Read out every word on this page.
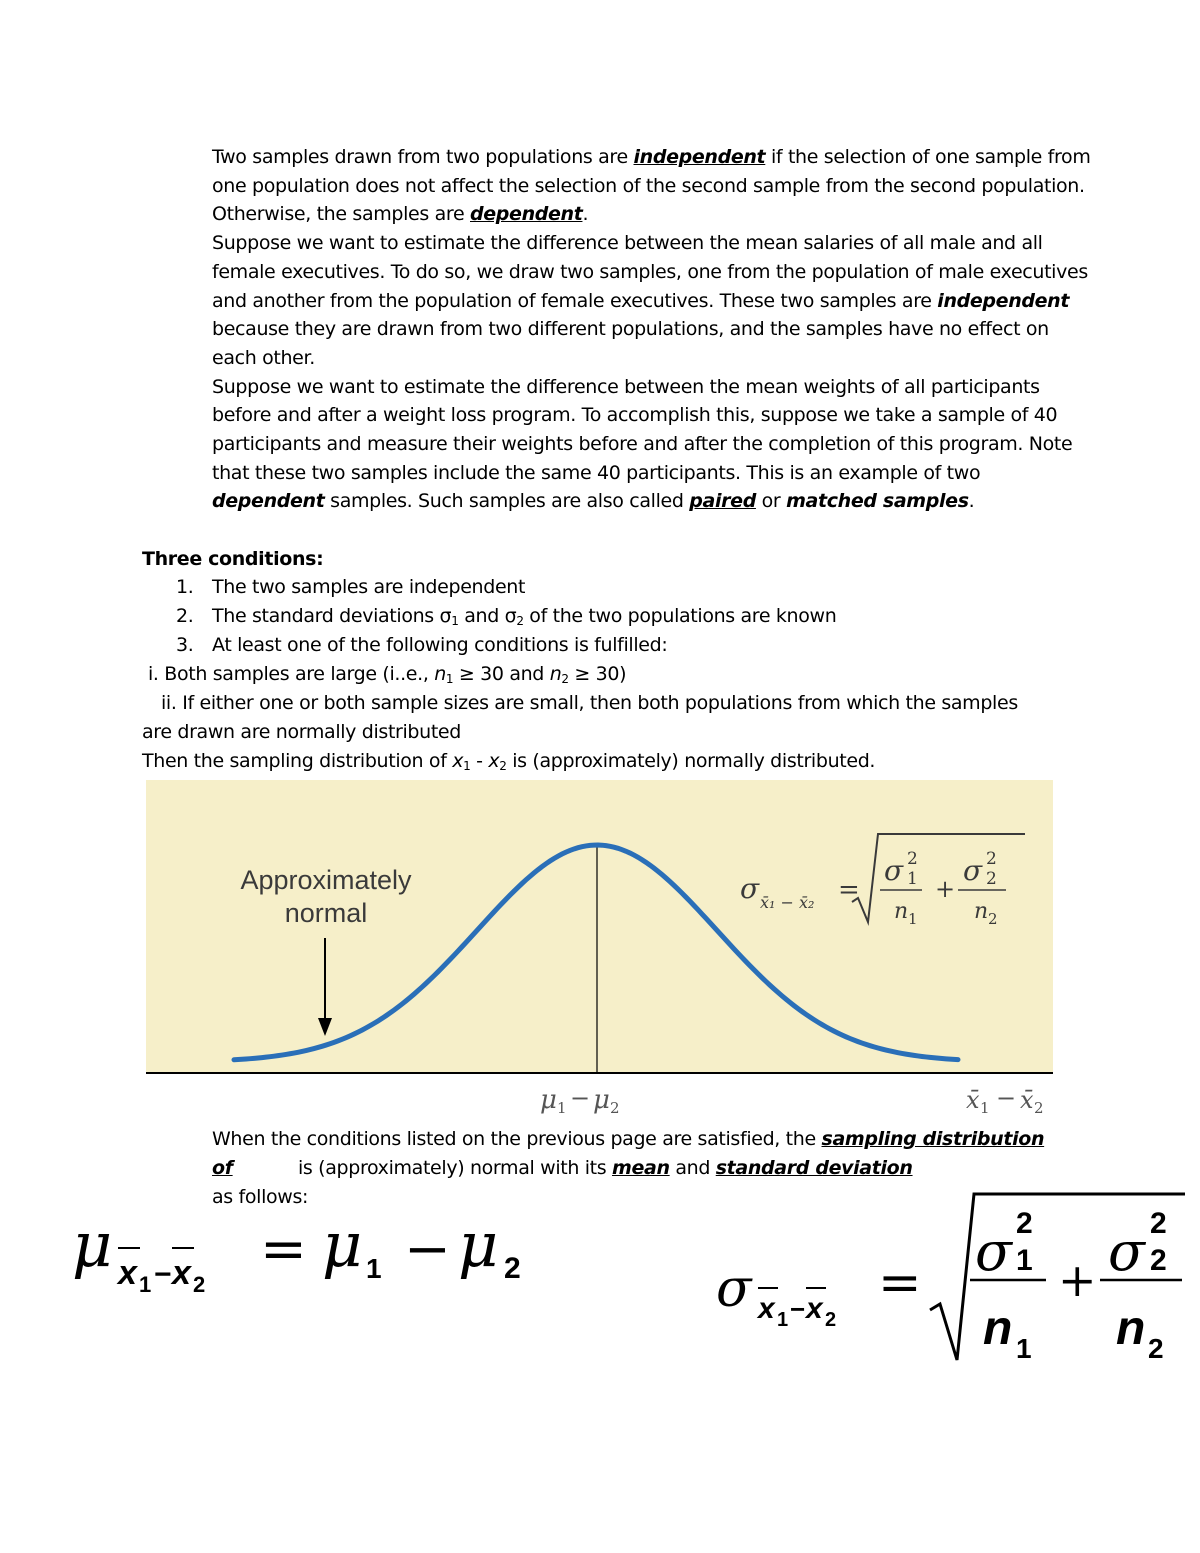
Two samples drawn from two populations are independent if the selection of one sample from one population does not affect the selection of the second sample from the second population. Otherwise, the samples are dependent.
Suppose we want to estimate the difference between the mean salaries of all male and all female executives. To do so, we draw two samples, one from the population of male executives and another from the population of female executives. These two samples are independent because they are drawn from two different populations, and the samples have no effect on each other.
Suppose we want to estimate the difference between the mean weights of all participants before and after a weight loss program. To accomplish this, suppose we take a sample of 40 participants and measure their weights before and after the completion of this program. Note that these two samples include the same 40 participants. This is an example of two dependent samples. Such samples are also called paired or matched samples.
Three conditions:
1. The two samples are independent
2. The standard deviations $\sigma_1$ and $\sigma_2$ of the two populations are known
3. At least one of the following conditions is fulfilled:
i. Both samples are large (i..e., $n_1 \ge 30$ and $n_2 \ge 30$)
ii. If either one or both sample sizes are small, then both populations from which the samples
are drawn are normally distributed
Then the sampling distribution of $x_1 - x_2$ is (approximately) normally distributed.
Approximately
normal
σ x̄₁ − x̄₂ =
σ 2
1
n 1
+
σ 2
2
n 2
μ 1 − μ 2	x̄ 1 − x̄ 2
When the conditions listed on the previous page are satisfied, the sampling distribution
of	is (approximately) normal with its mean and standard deviation
as follows:
μ x 1 − x 2
= μ 1 − μ 2	σ x 1 − x 2
= σ 2
1
n 1
+ σ 2
2
n 2
